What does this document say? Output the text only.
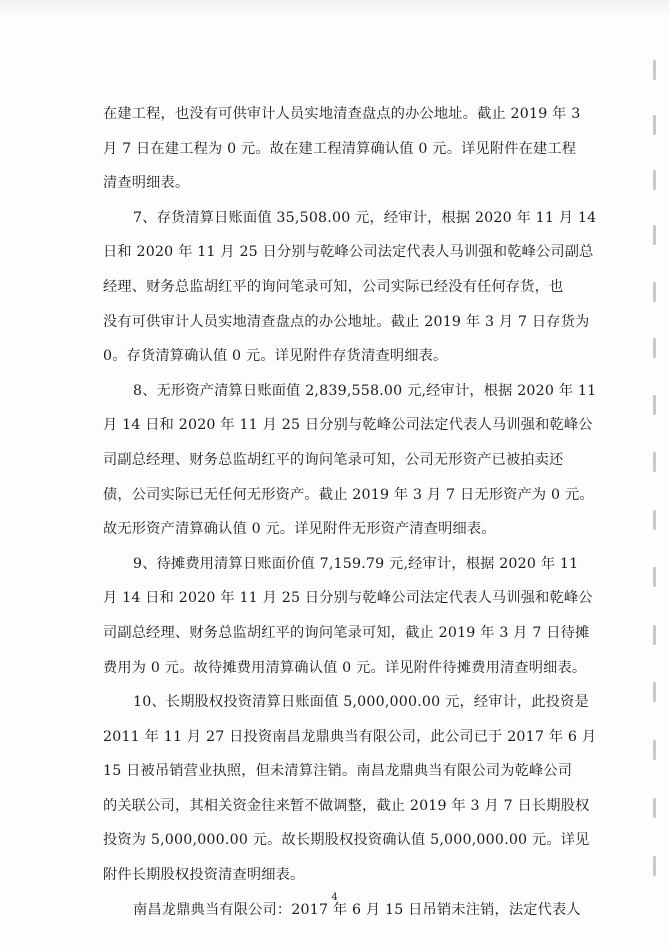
在建工程，也没有可供审计人员实地清查盘点的办公地址。截止 2019 年 3
月 7 日在建工程为 0 元。故在建工程清算确认值 0 元。详见附件在建工程
清查明细表。
7、存货清算日账面值 35,508.00 元，经审计，根据 2020 年 11 月 14
日和 2020 年 11 月 25 日分别与乾峰公司法定代表人马训强和乾峰公司副总
经理、财务总监胡红平的询问笔录可知，公司实际已经没有任何存货，也
没有可供审计人员实地清查盘点的办公地址。截止 2019 年 3 月 7 日存货为
0。存货清算确认值 0 元。详见附件存货清查明细表。
8、无形资产清算日账面值 2,839,558.00 元,经审计，根据 2020 年 11
月 14 日和 2020 年 11 月 25 日分别与乾峰公司法定代表人马训强和乾峰公
司副总经理、财务总监胡红平的询问笔录可知，公司无形资产已被拍卖还
债，公司实际已无任何无形资产。截止 2019 年 3 月 7 日无形资产为 0 元。
故无形资产清算确认值 0 元。详见附件无形资产清查明细表。
9、待摊费用清算日账面价值 7,159.79 元,经审计，根据 2020 年 11
月 14 日和 2020 年 11 月 25 日分别与乾峰公司法定代表人马训强和乾峰公
司副总经理、财务总监胡红平的询问笔录可知，截止 2019 年 3 月 7 日待摊
费用为 0 元。故待摊费用清算确认值 0 元。详见附件待摊费用清查明细表。
10、长期股权投资清算日账面值 5,000,000.00 元，经审计，此投资是
2011 年 11 月 27 日投资南昌龙鼎典当有限公司，此公司已于 2017 年 6 月
15 日被吊销营业执照，但未清算注销。南昌龙鼎典当有限公司为乾峰公司
的关联公司，其相关资金往来暂不做调整，截止 2019 年 3 月 7 日长期股权
投资为 5,000,000.00 元。故长期股权投资确认值 5,000,000.00 元。详见
附件长期股权投资清查明细表。
南昌龙鼎典当有限公司：2017 年 6 月 15 日吊销未注销，法定代表人
4
